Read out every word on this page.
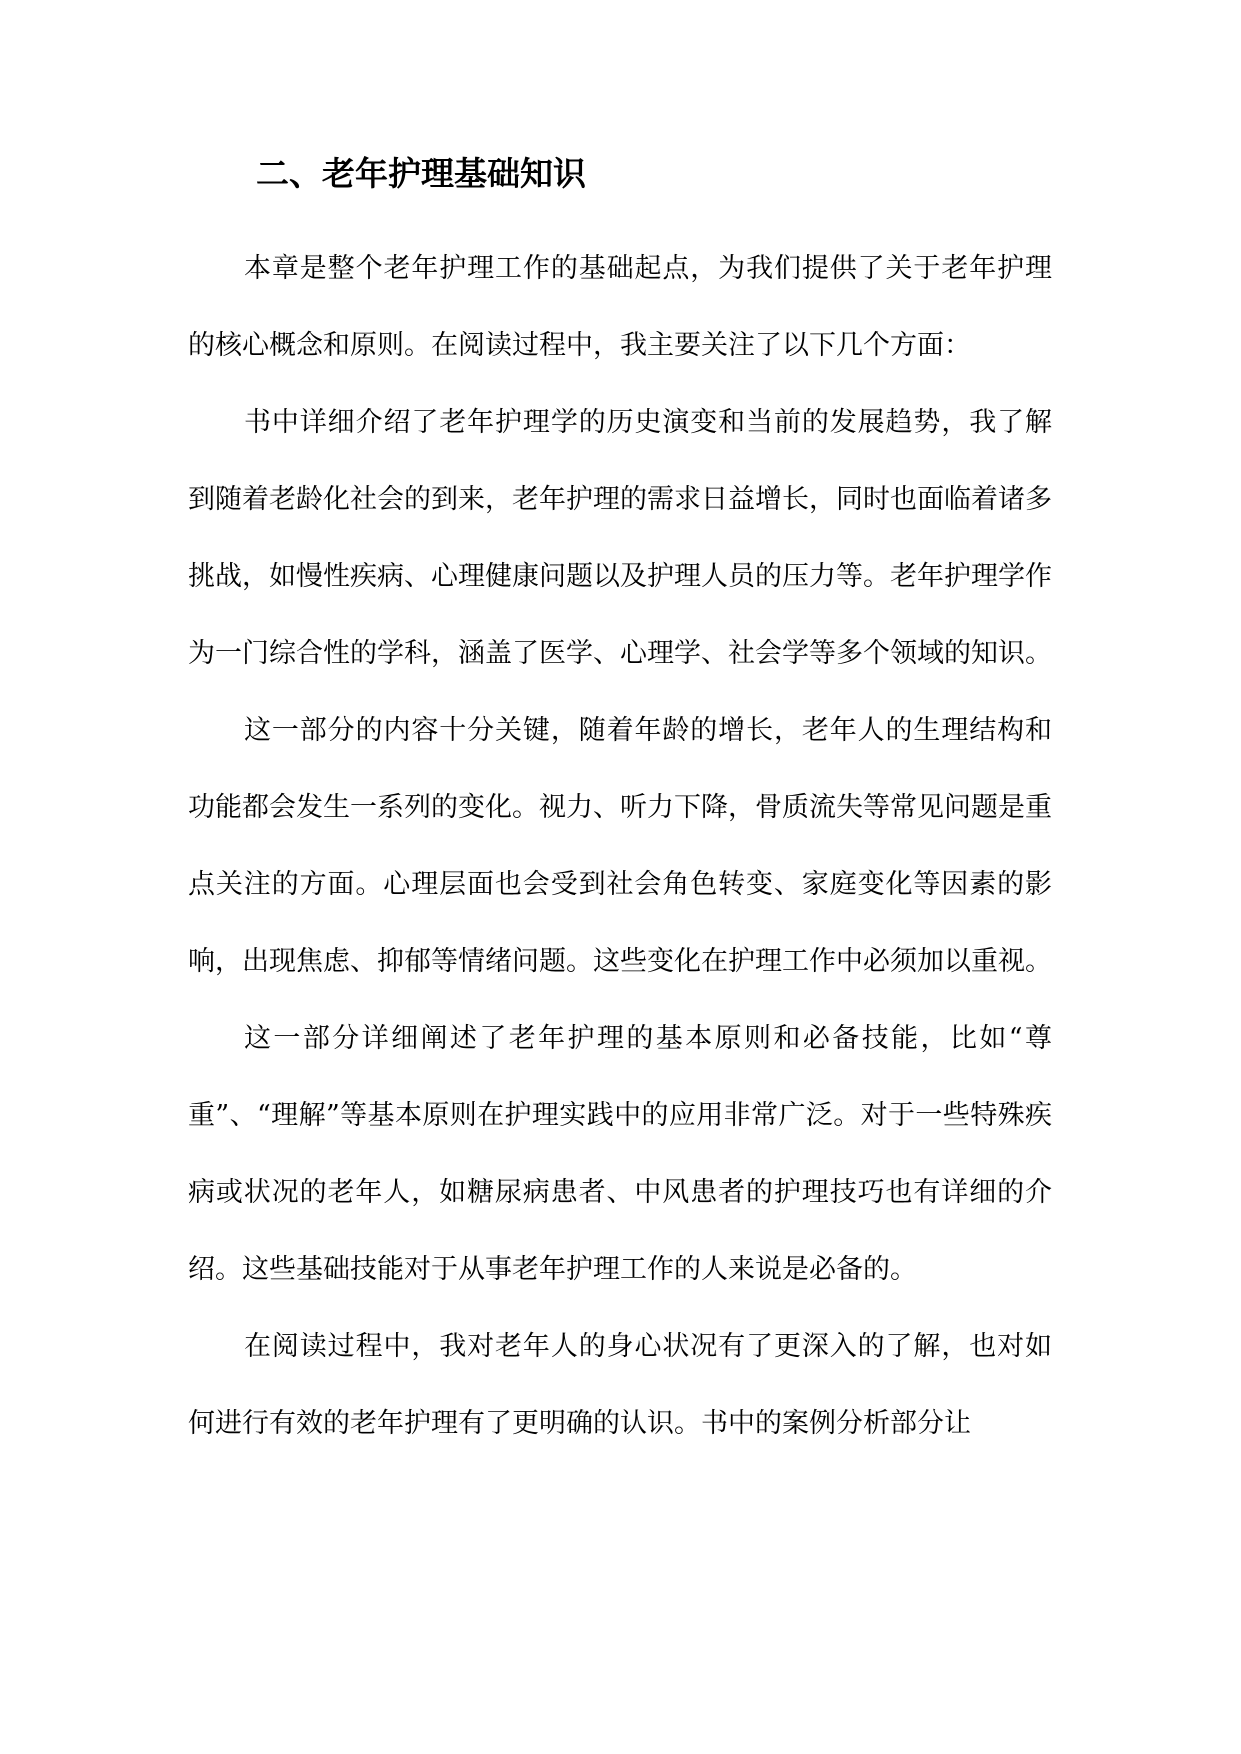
二、老年护理基础知识

本章是整个老年护理工作的基础起点，为我们提供了关于老年护理的核心概念和原则。在阅读过程中，我主要关注了以下几个方面：

书中详细介绍了老年护理学的历史演变和当前的发展趋势，我了解到随着老龄化社会的到来，老年护理的需求日益增长，同时也面临着诸多挑战，如慢性疾病、心理健康问题以及护理人员的压力等。老年护理学作为一门综合性的学科，涵盖了医学、心理学、社会学等多个领域的知识。

这一部分的内容十分关键，随着年龄的增长，老年人的生理结构和功能都会发生一系列的变化。视力、听力下降，骨质流失等常见问题是重点关注的方面。心理层面也会受到社会角色转变、家庭变化等因素的影响，出现焦虑、抑郁等情绪问题。这些变化在护理工作中必须加以重视。

这一部分详细阐述了老年护理的基本原则和必备技能，比如“尊重”、“理解”等基本原则在护理实践中的应用非常广泛。对于一些特殊疾病或状况的老年人，如糖尿病患者、中风患者的护理技巧也有详细的介绍。这些基础技能对于从事老年护理工作的人来说是必备的。

在阅读过程中，我对老年人的身心状况有了更深入的了解，也对如何进行有效的老年护理有了更明确的认识。书中的案例分析部分让
